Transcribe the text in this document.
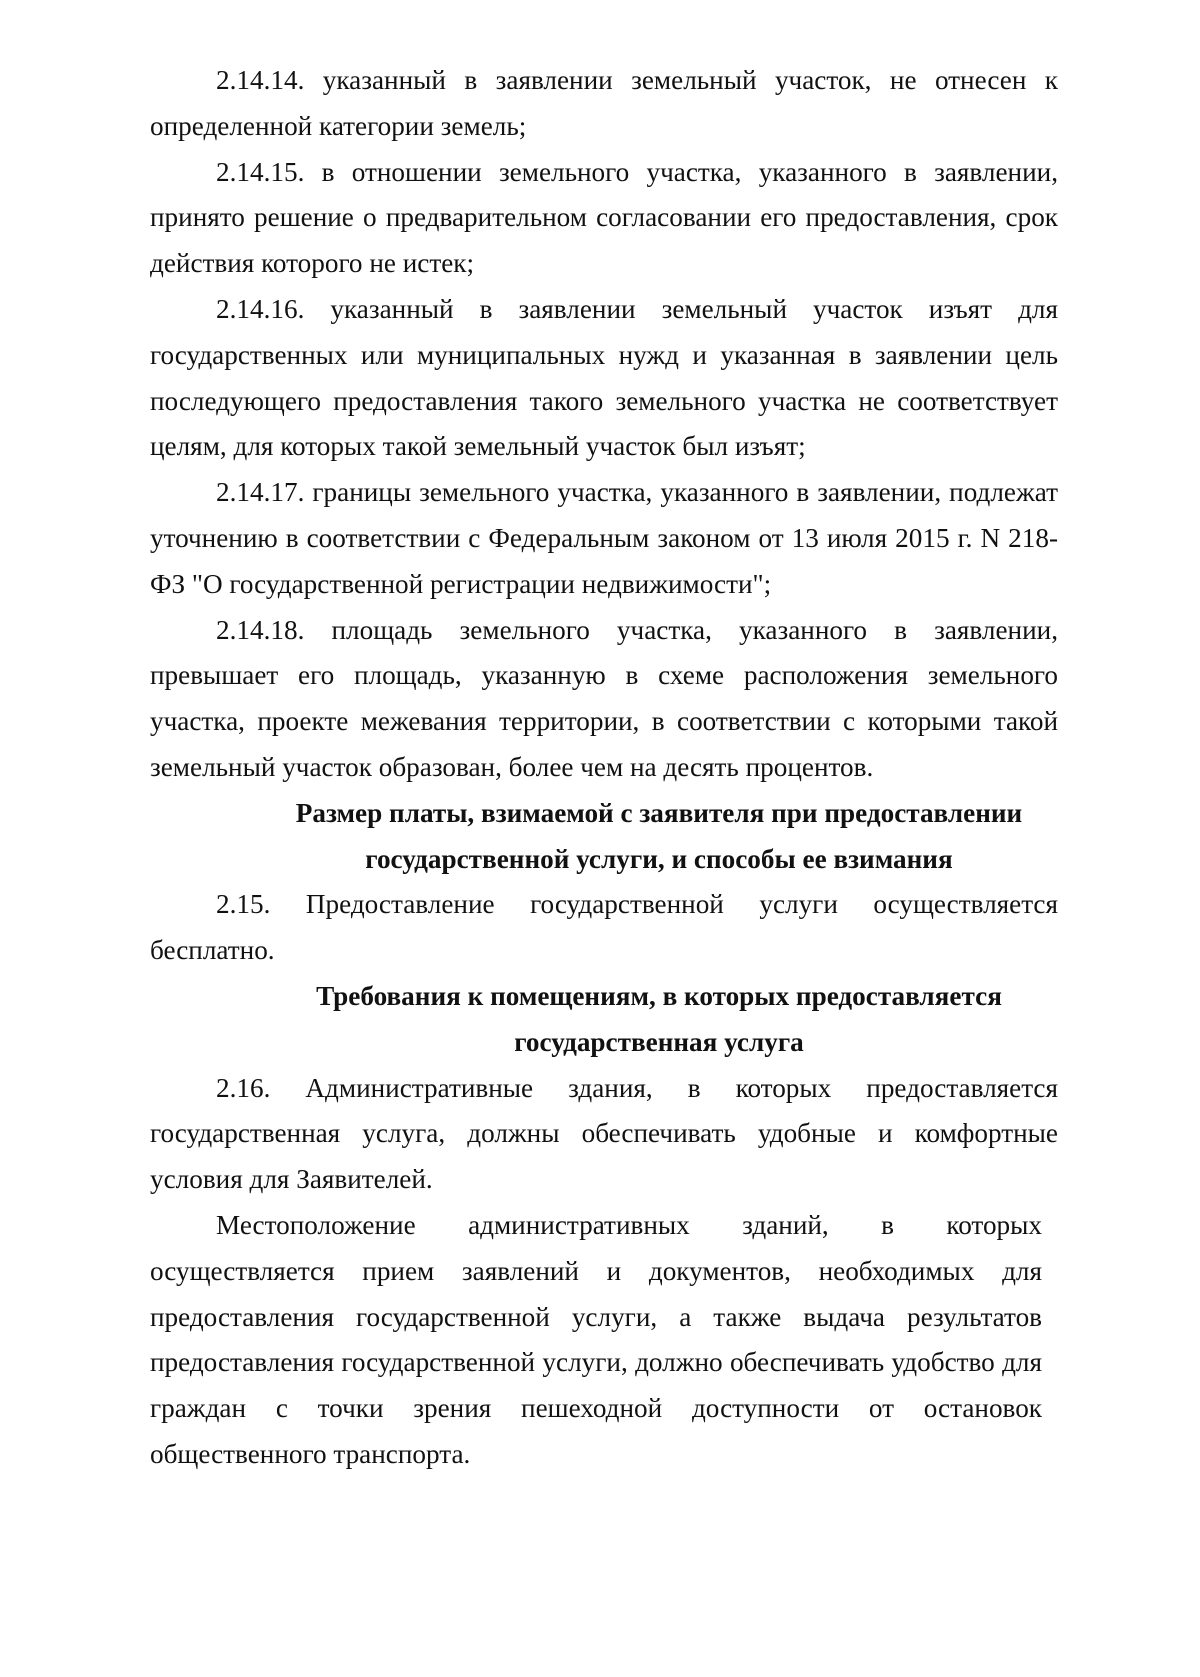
2.14.14. указанный в заявлении земельный участок, не отнесен к определенной категории земель;

2.14.15. в отношении земельного участка, указанного в заявлении, принято решение о предварительном согласовании его предоставления, срок действия которого не истек;

2.14.16. указанный в заявлении земельный участок изъят для государственных или муниципальных нужд и указанная в заявлении цель последующего предоставления такого земельного участка не соответствует целям, для которых такой земельный участок был изъят;

2.14.17. границы земельного участка, указанного в заявлении, подлежат уточнению в соответствии с Федеральным законом от 13 июля 2015 г. N 218-ФЗ "О государственной регистрации недвижимости";

2.14.18. площадь земельного участка, указанного в заявлении, превышает его площадь, указанную в схеме расположения земельного участка, проекте межевания территории, в соответствии с которыми такой земельный участок образован, более чем на десять процентов.

Размер платы, взимаемой с заявителя при предоставлении
государственной услуги, и способы ее взимания

2.15. Предоставление государственной услуги осуществляется бесплатно.

Требования к помещениям, в которых предоставляется
государственная услуга

2.16. Административные здания, в которых предоставляется государственная услуга, должны обеспечивать удобные и комфортные условия для Заявителей.

Местоположение административных зданий, в которых осуществляется прием заявлений и документов, необходимых для предоставления государственной услуги, а также выдача результатов предоставления государственной услуги, должно обеспечивать удобство для граждан с точки зрения пешеходной доступности от остановок общественного транспорта.
